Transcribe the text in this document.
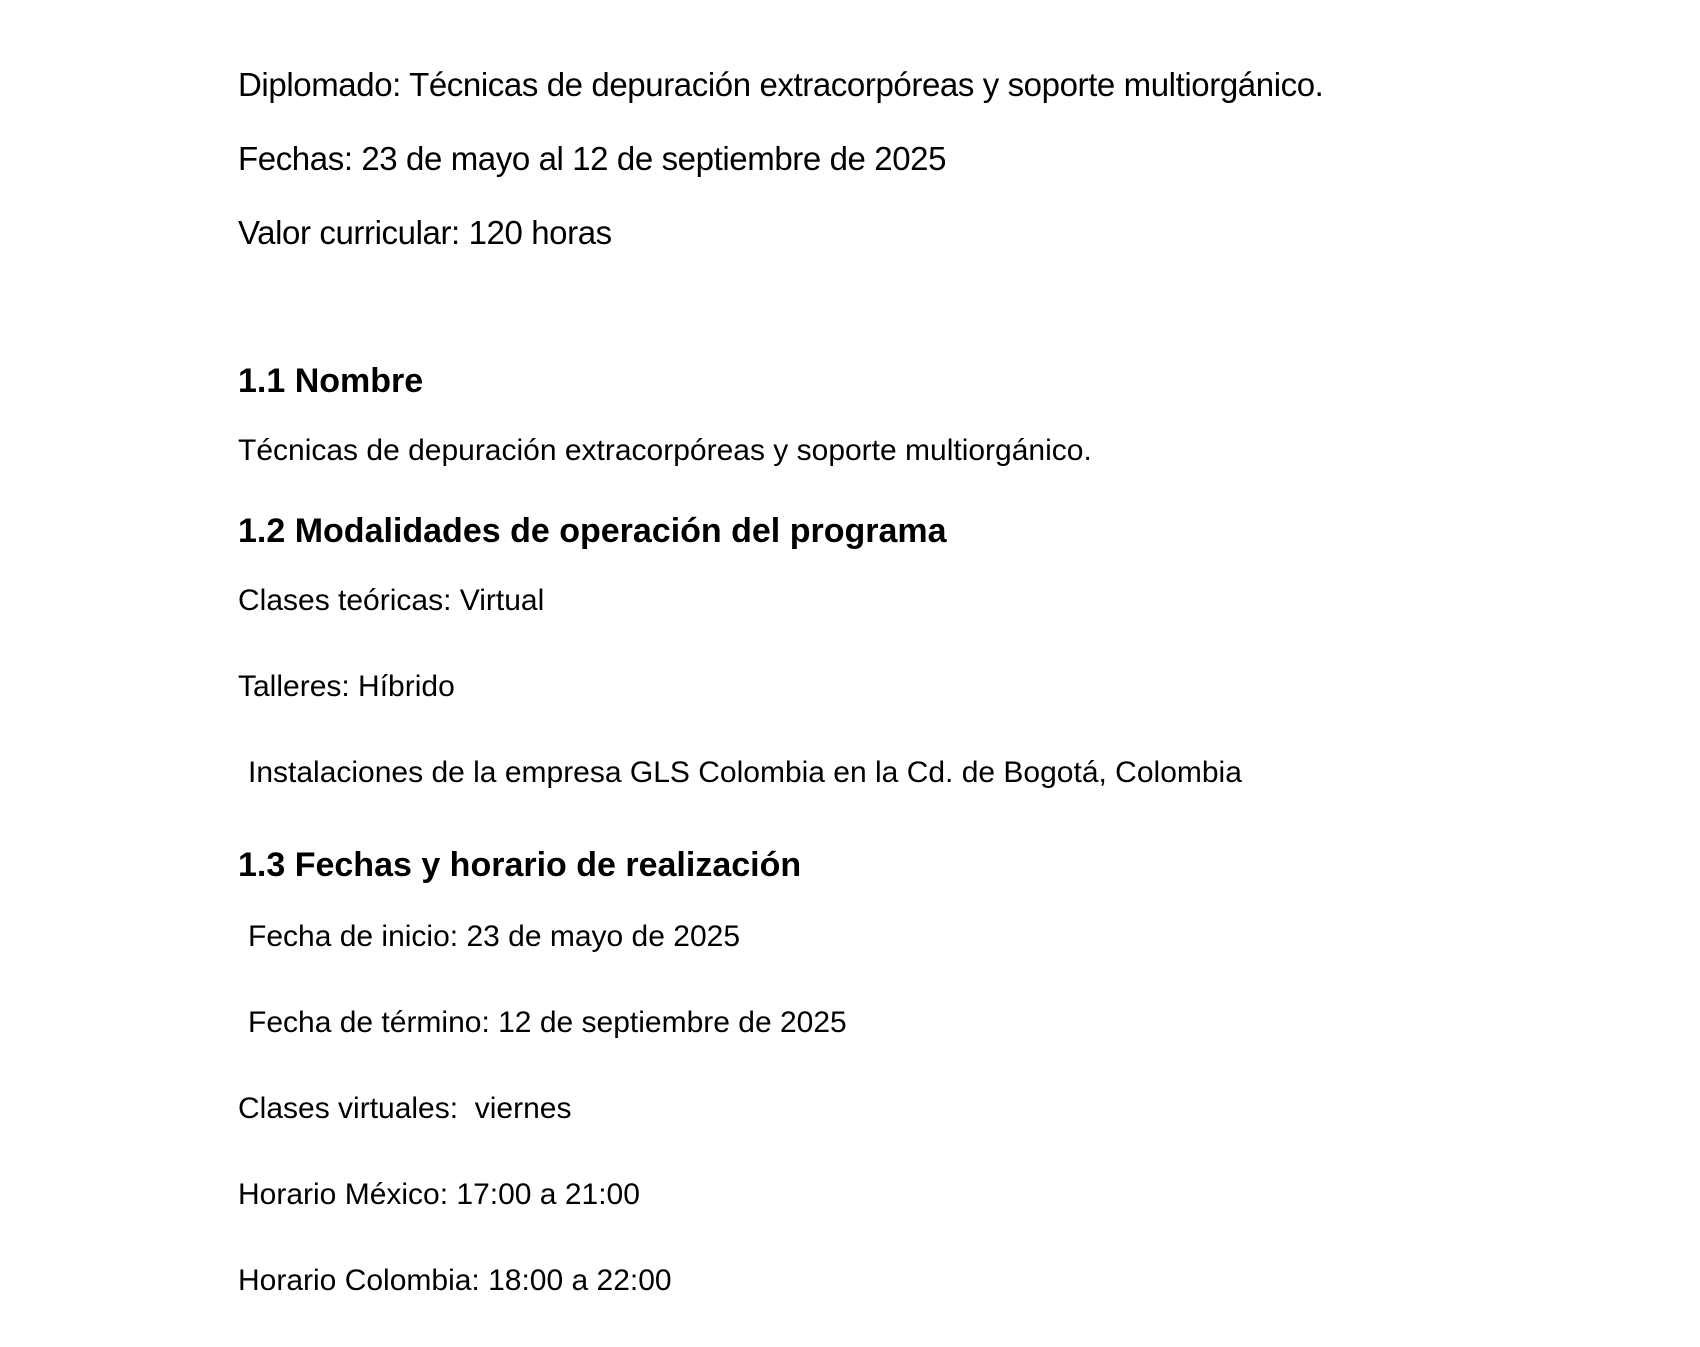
Diplomado: Técnicas de depuración extracorpóreas y soporte multiorgánico.
Fechas: 23 de mayo al 12 de septiembre de 2025
Valor curricular: 120 horas
1.1 Nombre
Técnicas de depuración extracorpóreas y soporte multiorgánico.
1.2 Modalidades de operación del programa
Clases teóricas: Virtual
Talleres: Híbrido
Instalaciones de la empresa GLS Colombia en la Cd. de Bogotá, Colombia
1.3 Fechas y horario de realización
Fecha de inicio: 23 de mayo de 2025
Fecha de término: 12 de septiembre de 2025
Clases virtuales:  viernes
Horario México: 17:00 a 21:00
Horario Colombia: 18:00 a 22:00
